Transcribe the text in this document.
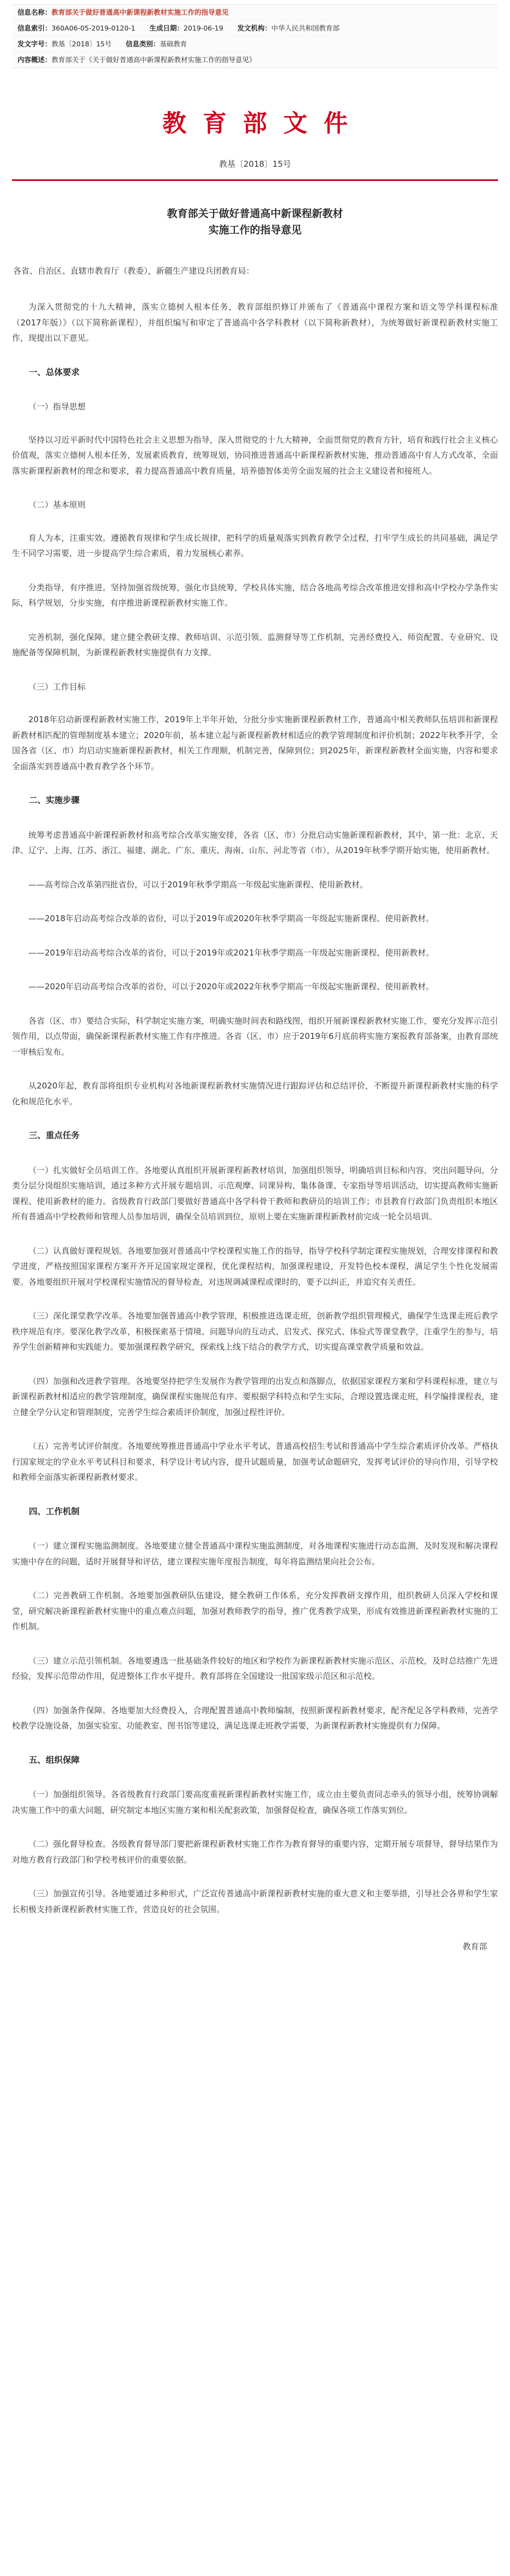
信息名称：教育部关于做好普通高中新课程新教材实施工作的指导意见
信息索引：360A06-05-2019-0120-1 生成日期：2019-06-19 发文机构：中华人民共和国教育部
发文字号：教基〔2018〕15号 信息类别：基础教育
内容概述：教育部关于《关于做好普通高中新课程新教材实施工作的指导意见》
教育部文件
教基〔2018〕15号
教育部关于做好普通高中新课程新教材
实施工作的指导意见
各省、自治区、直辖市教育厅（教委），新疆生产建设兵团教育局：

为深入贯彻党的十九大精神，落实立德树人根本任务，教育部组织修订并颁布了《普通高中课程方案和语文等学科课程标准（2017年版）》（以下简称新课程），并组织编写和审定了普通高中各学科教材（以下简称新教材），为统筹做好新课程新教材实施工作，现提出以下意见。

一、总体要求
（一）指导思想

坚持以习近平新时代中国特色社会主义思想为指导，深入贯彻党的十九大精神，全面贯彻党的教育方针，培育和践行社会主义核心价值观，落实立德树人根本任务，发展素质教育，统筹规划，协同推进普通高中新课程新教材实施，推动普通高中育人方式改革，全面落实新课程新教材的理念和要求，着力提高普通高中教育质量，培养德智体美劳全面发展的社会主义建设者和接班人。

（二）基本原则

育人为本，注重实效。遵循教育规律和学生成长规律，把科学的质量观落实到教育教学全过程，打牢学生成长的共同基础，满足学生不同学习需要，进一步提高学生综合素质，着力发展核心素养。

分类指导，有序推进。坚持加强省级统筹，强化市县统筹，学校具体实施，结合各地高考综合改革推进安排和高中学校办学条件实际，科学规划，分步实施，有序推进新课程新教材实施工作。

完善机制，强化保障。建立健全教研支撑、教师培训、示范引领、监测督导等工作机制，完善经费投入、师资配置、专业研究、设施配备等保障机制，为新课程新教材实施提供有力支撑。

（三）工作目标

2018年启动新课程新教材实施工作，2019年上半年开始，分批分步实施新课程新教材工作，普通高中相关教师队伍培训和新课程新教材相匹配的管理制度基本建立；2020年前，基本建立起与新课程新教材相适应的教学管理制度和评价机制；2022年秋季开学，全国各省（区、市）均启动实施新课程新教材，相关工作理顺，机制完善，保障到位；到2025年，新课程新教材全面实施，内容和要求全面落实到普通高中教育教学各个环节。

二、实施步骤

统筹考虑普通高中新课程新教材和高考综合改革实施安排，各省（区、市）分批启动实施新课程新教材，其中，第一批：北京、天津、辽宁、上海、江苏、浙江、福建、湖北、广东、重庆、海南、山东、河北等省（市），从2019年秋季学期开始实施，使用新教材。

——高考综合改革第四批省份，可以于2019年秋季学期高一年级起实施新课程、使用新教材。

——2018年启动高考综合改革的省份，可以于2019年或2020年秋季学期高一年级起实施新课程、使用新教材。

——2019年启动高考综合改革的省份，可以于2019年或2021年秋季学期高一年级起实施新课程、使用新教材。

——2020年启动高考综合改革的省份，可以于2020年或2022年秋季学期高一年级起实施新课程、使用新教材。

各省（区、市）要结合实际，科学制定实施方案，明确实施时间表和路线图，组织开展新课程新教材实施工作，要充分发挥示范引领作用，以点带面，确保新课程新教材实施工作有序推进。各省（区、市）应于2019年6月底前将实施方案报教育部备案，由教育部统一审核后发布。

从2020年起，教育部将组织专业机构对各地新课程新教材实施情况进行跟踪评估和总结评价，不断提升新课程新教材实施的科学化和规范化水平。

三、重点任务

（一）扎实做好全员培训工作。各地要认真组织开展新课程新教材培训，加强组织领导，明确培训目标和内容，突出问题导向，分类分层分岗组织实施培训，通过多种方式开展专题培训、示范观摩、同课异构、集体备课、专家指导等培训活动，切实提高教师实施新课程、使用新教材的能力。省级教育行政部门要做好普通高中各学科骨干教师和教研员的培训工作；市县教育行政部门负责组织本地区所有普通高中学校教师和管理人员参加培训，确保全员培训到位，原则上要在实施新课程新教材前完成一轮全员培训。

（二）认真做好课程规划。各地要加强对普通高中学校课程实施工作的指导，指导学校科学制定课程实施规划，合理安排课程和教学进度，严格按照国家课程方案开齐开足国家规定课程，优化课程结构，加强课程建设，开发特色校本课程，满足学生个性化发展需要。各地要组织开展对学校课程实施情况的督导检查，对违规调减课程或课时的，要予以纠正，并追究有关责任。

（三）深化课堂教学改革。各地要加强普通高中教学管理，积极推进选课走班，创新教学组织管理模式，确保学生选课走班后教学秩序规范有序。要深化教学改革，积极探索基于情境、问题导向的互动式、启发式、探究式、体验式等课堂教学，注重学生的参与，培养学生创新精神和实践能力。要加强课程教学研究，探索线上线下结合的教学方式，切实提高课堂教学质量和效益。

（四）加强和改进教学管理。各地要坚持把学生发展作为教学管理的出发点和落脚点，依据国家课程方案和学科课程标准，建立与新课程新教材相适应的教学管理制度，确保课程实施规范有序。要根据学科特点和学生实际，合理设置选课走班，科学编排课程表，建立健全学分认定和管理制度，完善学生综合素质评价制度，加强过程性评价。

（五）完善考试评价制度。各地要统筹推进普通高中学业水平考试、普通高校招生考试和普通高中学生综合素质评价改革。严格执行国家规定的学业水平考试科目和要求，科学设计考试内容，提升试题质量，加强考试命题研究，发挥考试评价的导向作用，引导学校和教师全面落实新课程新教材要求。

四、工作机制

（一）建立课程实施监测制度。各地要建立健全普通高中课程实施监测制度，对各地课程实施进行动态监测，及时发现和解决课程实施中存在的问题，适时开展督导和评估，建立课程实施年度报告制度，每年将监测结果向社会公布。

（二）完善教研工作机制。各地要加强教研队伍建设，健全教研工作体系，充分发挥教研支撑作用，组织教研人员深入学校和课堂，研究解决新课程新教材实施中的重点难点问题，加强对教师教学的指导，推广优秀教学成果，形成有效推进新课程新教材实施的工作机制。

（三）建立示范引领机制。各地要遴选一批基础条件较好的地区和学校作为新课程新教材实施示范区、示范校，及时总结推广先进经验，发挥示范带动作用，促进整体工作水平提升。教育部将在全国建设一批国家级示范区和示范校。

（四）加强条件保障。各地要加大经费投入，合理配置普通高中教师编制，按照新课程新教材要求，配齐配足各学科教师，完善学校教学设施设备，加强实验室、功能教室、图书馆等建设，满足选课走班教学需要，为新课程新教材实施提供有力保障。

五、组织保障

（一）加强组织领导。各省级教育行政部门要高度重视新课程新教材实施工作，成立由主要负责同志牵头的领导小组，统筹协调解决实施工作中的重大问题，研究制定本地区实施方案和相关配套政策，加强督促检查，确保各项工作落实到位。

（二）强化督导检查。各级教育督导部门要把新课程新教材实施工作作为教育督导的重要内容，定期开展专项督导，督导结果作为对地方教育行政部门和学校考核评价的重要依据。

（三）加强宣传引导。各地要通过多种形式，广泛宣传普通高中新课程新教材实施的重大意义和主要举措，引导社会各界和学生家长积极支持新课程新教材实施工作，营造良好的社会氛围。

教育部
